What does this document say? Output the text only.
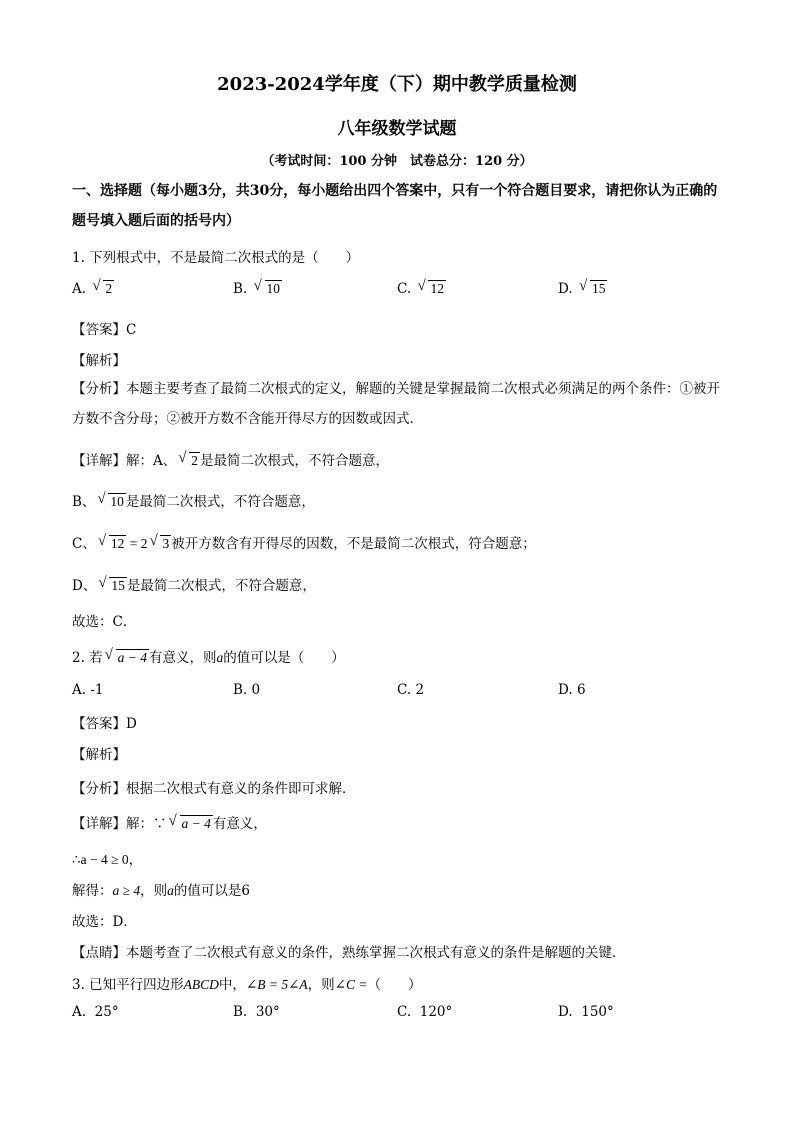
2023-2024学年度（下）期中教学质量检测
八年级数学试题
（考试时间：100 分钟　试卷总分：120 分）
一、选择题（每小题3分，共30分，每小题给出四个答案中，只有一个符合题目要求，请把你认为正确的题号填入题后面的括号内）
1. 下列根式中，不是最简二次根式的是（　　）
A. √ 2	B. √ 10	C. √ 12	D. √ 15
【答案】C
【解析】
【分析】本题主要考查了最简二次根式的定义，解题的关键是掌握最简二次根式必须满足的两个条件：①被开方数不含分母；②被开方数不含能开得尽方的因数或因式．
【详解】解：A、 √ 2 是最简二次根式，不符合题意，
B、 √ 10 是最简二次根式，不符合题意，
C、 √ 12 = 2 √ 3 被开方数含有开得尽的因数，不是最简二次根式，符合题意；
D、 √ 15 是最简二次根式，不符合题意，
故选：C．
2. 若 √ a − 4 有意义，则a的值可以是（　　）
A. -1	B. 0	C. 2	D. 6
【答案】D
【解析】
【分析】根据二次根式有意义的条件即可求解．
【详解】解：∵ √ a − 4 有意义，
∴a − 4 ≥ 0，
解得：a ≥ 4，则a的值可以是6
故选：D．
【点睛】本题考查了二次根式有意义的条件，熟练掌握二次根式有意义的条件是解题的关键．
3. 已知平行四边形ABCD中，∠B = 5∠A，则∠C =（　　）
A. 25°	B. 30°	C. 120°	D. 150°
